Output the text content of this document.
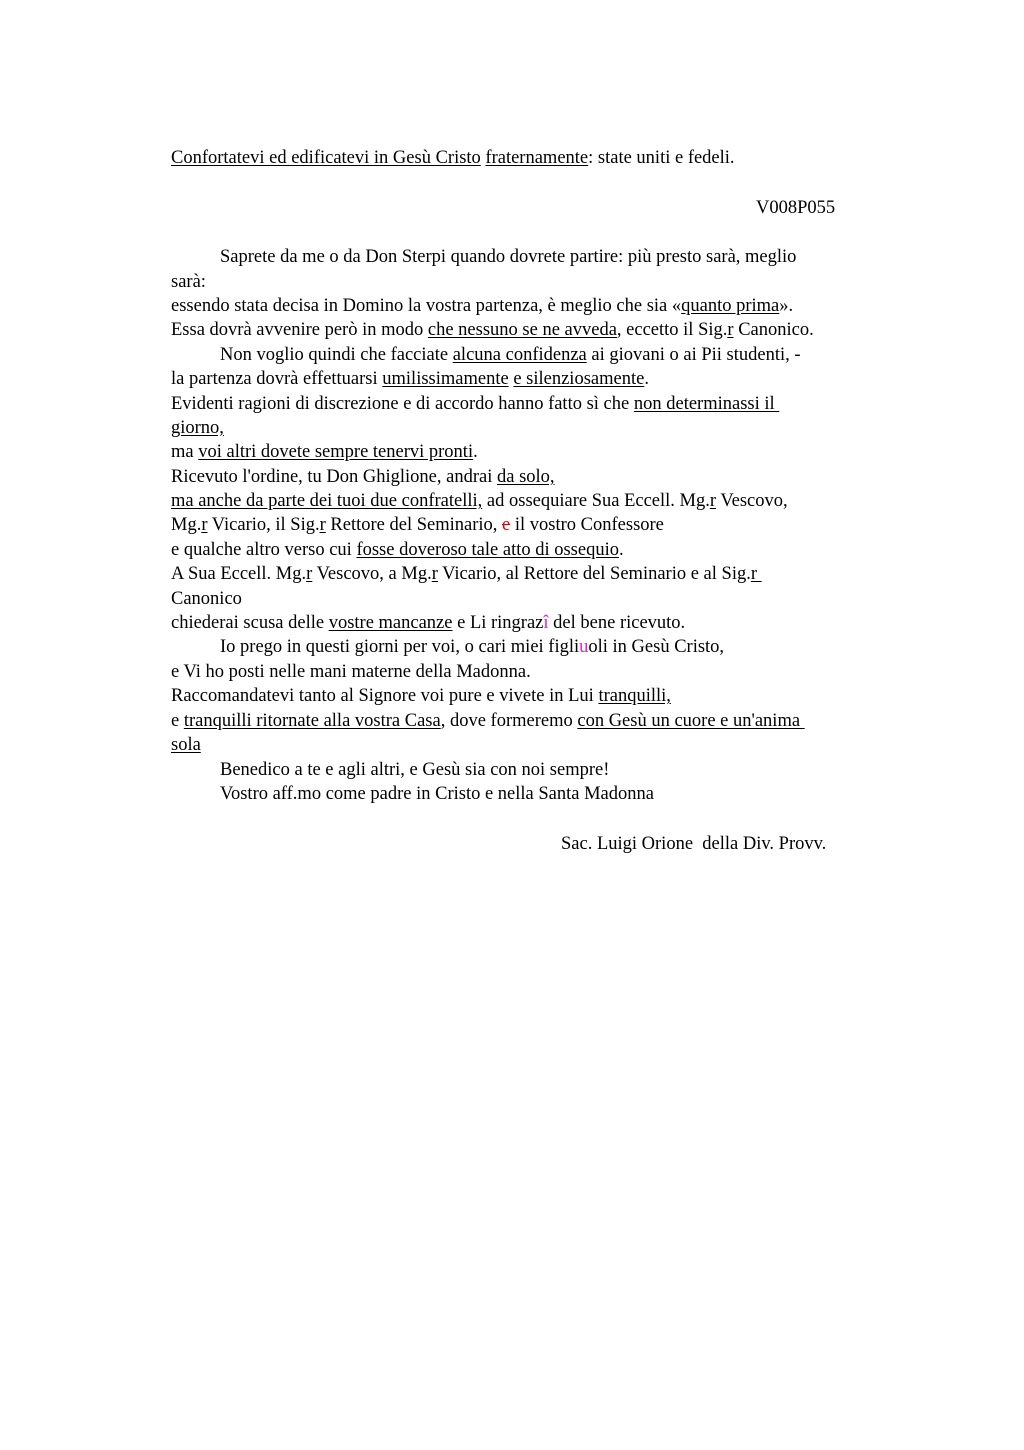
V008P055
Sac. Luigi Orione  della Div. Provv.
Confortatevi ed edificatevi in Gesù Cristo fraternamente: state uniti e fedeli.
Saprete da me o da Don Sterpi quando dovrete partire: più presto sarà, meglio
sarà:
essendo stata decisa in Domino la vostra partenza, è meglio che sia «quanto prima».
Essa dovrà avvenire però in modo che nessuno se ne avveda, eccetto il Sig.r Canonico.
Non voglio quindi che facciate alcuna confidenza ai giovani o ai Pii studenti, -
la partenza dovrà effettuarsi umilissimamente e silenziosamente.
Evidenti ragioni di discrezione e di accordo hanno fatto sì che non determinassi il
giorno,
ma voi altri dovete sempre tenervi pronti.
Ricevuto l'ordine, tu Don Ghiglione, andrai da solo,
ma anche da parte dei tuoi due confratelli, ad ossequiare Sua Eccell. Mg.r Vescovo,
Mg.r Vicario, il Sig.r Rettore del Seminario, e il vostro Confessore
e qualche altro verso cui fosse doveroso tale atto di ossequio.
A Sua Eccell. Mg.r Vescovo, a Mg.r Vicario, al Rettore del Seminario e al Sig.r
Canonico
chiederai scusa delle vostre mancanze e Li ringrazî del bene ricevuto.
Io prego in questi giorni per voi, o cari miei figliuoli in Gesù Cristo,
e Vi ho posti nelle mani materne della Madonna.
Raccomandatevi tanto al Signore voi pure e vivete in Lui tranquilli,
e tranquilli ritornate alla vostra Casa, dove formeremo con Gesù un cuore e un'anima
sola
Benedico a te e agli altri, e Gesù sia con noi sempre!
Vostro aff.mo come padre in Cristo e nella Santa Madonna
